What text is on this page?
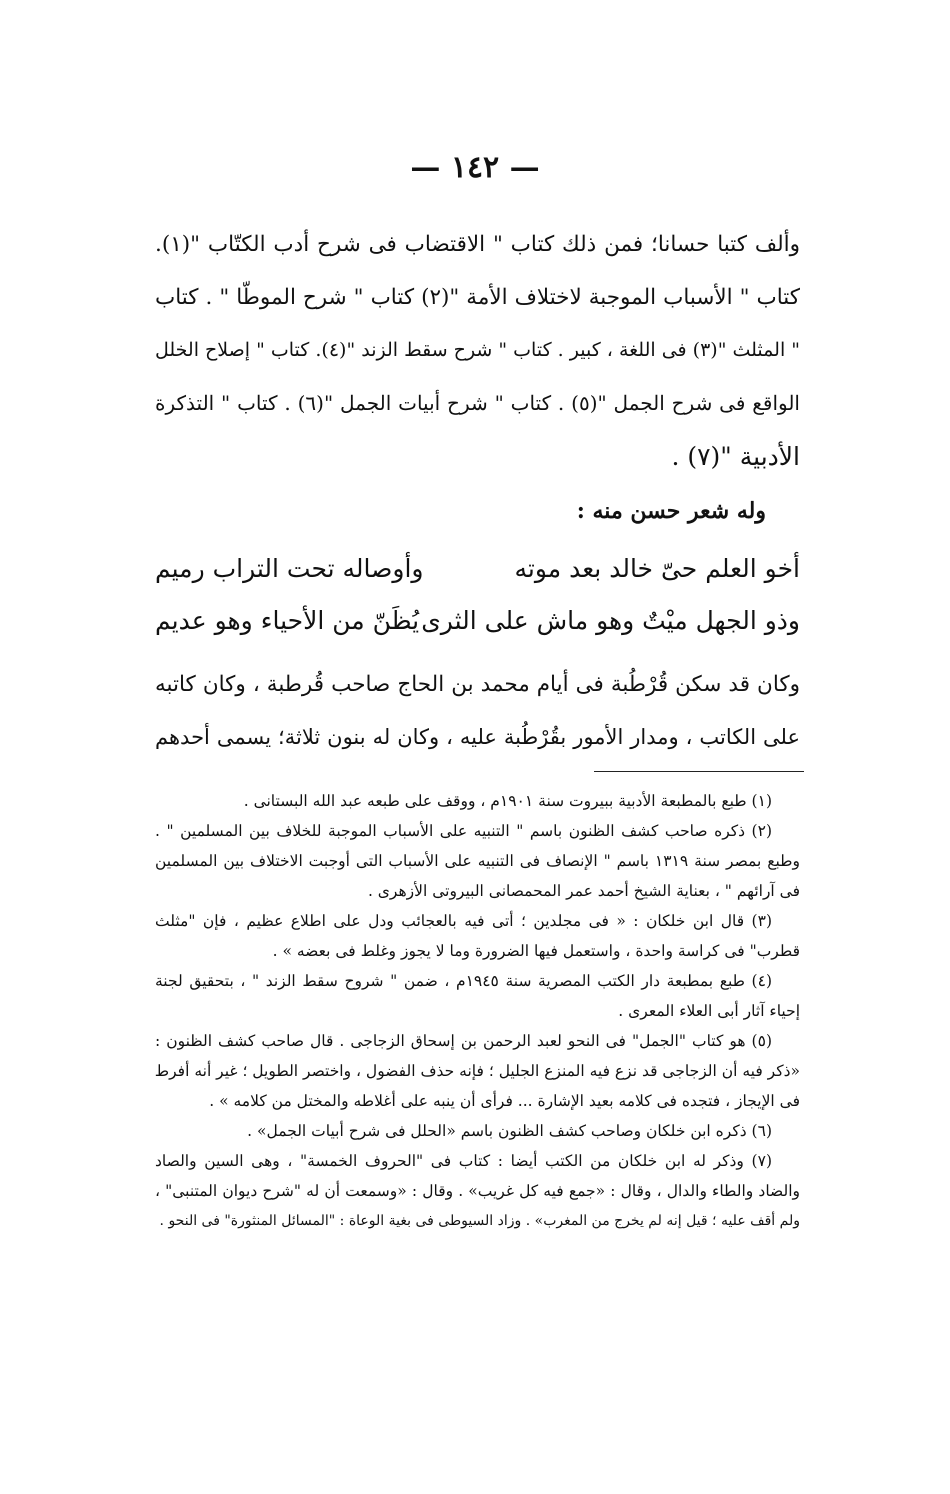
— ١٤٢ —

وألف كتبا حسانا؛ فمن ذلك كتاب " الاقتضاب فى شرح أدب الكتّاب "(١).

كتاب " الأسباب الموجبة لاختلاف الأمة "(٢) كتاب " شرح الموطّا " . كتاب

" المثلث "(٣) فى اللغة ، كبير . كتاب " شرح سقط الزند "(٤). كتاب " إصلاح الخلل

الواقع فى شرح الجمل "(٥) . كتاب " شرح أبيات الجمل "(٦) . كتاب " التذكرة

الأدبية "(٧) .

وله شعر حسن منه :
أخو العلم حىّ خالد بعد موته
وأوصاله تحت التراب رميم
وذو الجهل ميْتٌ وهو ماش على الثرى
يُظَنّ من الأحياء وهو عديم

وكان قد سكن قُرْطُبة فى أيام محمد بن الحاج صاحب قُرطبة ، وكان كاتبه

على الكاتب ، ومدار الأمور بقُرْطُبة عليه ، وكان له بنون ثلاثة؛ يسمى أحدهم

(١) طبع بالمطبعة الأدبية ببيروت سنة ١٩٠١م ، ووقف على طبعه عبد الله البستانى .

(٢) ذكره صاحب كشف الظنون باسم " التنبيه على الأسباب الموجبة للخلاف بين المسلمين " .

وطبع بمصر سنة ١٣١٩ باسم " الإنصاف فى التنبيه على الأسباب التى أوجبت الاختلاف بين المسلمين

فى آرائهم " ، بعناية الشيخ أحمد عمر المحمصانى البيروتى الأزهرى .

(٣) قال ابن خلكان : « فى مجلدين ؛ أتى فيه بالعجائب ودل على اطلاع عظيم ، فإن "مثلث

قطرب" فى كراسة واحدة ، واستعمل فيها الضرورة وما لا يجوز وغلط فى بعضه » .

(٤) طبع بمطبعة دار الكتب المصرية سنة ١٩٤٥م ، ضمن " شروح سقط الزند " ، بتحقيق لجنة

إحياء آثار أبى العلاء المعرى .

(٥) هو كتاب "الجمل" فى النحو لعبد الرحمن بن إسحاق الزجاجى . قال صاحب كشف الظنون :

«ذكر فيه أن الزجاجى قد نزع فيه المنزع الجليل ؛ فإنه حذف الفضول ، واختصر الطويل ؛ غير أنه أفرط

فى الإيجاز ، فتجده فى كلامه بعيد الإشارة ... فرأى أن ينبه على أغلاطه والمختل من كلامه » .

(٦) ذكره ابن خلكان وصاحب كشف الظنون باسم «الحلل فى شرح أبيات الجمل» .

(٧) وذكر له ابن خلكان من الكتب أيضا : كتاب فى "الحروف الخمسة" ، وهى السين والصاد

والضاد والطاء والدال ، وقال : «جمع فيه كل غريب» . وقال : «وسمعت أن له "شرح ديوان المتنبى" ،

ولم أقف عليه ؛ قيل إنه لم يخرج من المغرب» . وزاد السيوطى فى بغية الوعاة : "المسائل المنثورة" فى النحو .
